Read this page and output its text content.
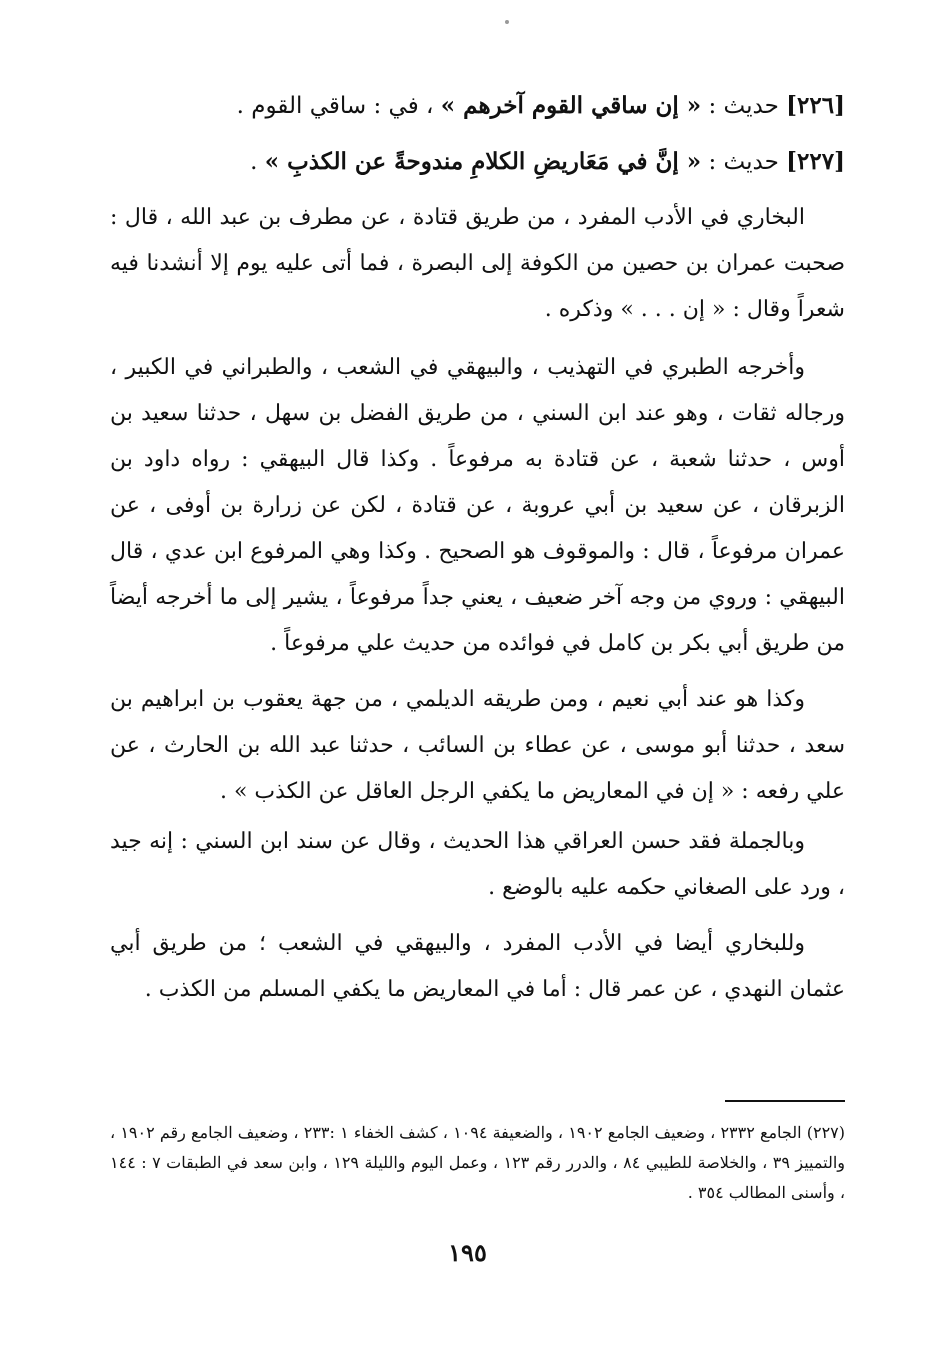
[٢٢٦] حديث : « إن ساقي القوم آخرهم » ، في : ساقي القوم .
[٢٢٧] حديث : « إنَّ في مَعَاريضِ الكلامِ مندوحةً عن الكذبِ » .

البخاري في الأدب المفرد ، من طريق قتادة ، عن مطرف بن عبد الله ، قال : صحبت عمران بن حصين من الكوفة إلى البصرة ، فما أتى عليه يوم إلا أنشدنا فيه شعراً وقال : « إن . . . » وذكره .

وأخرجه الطبري في التهذيب ، والبيهقي في الشعب ، والطبراني في الكبير ، ورجاله ثقات ، وهو عند ابن السني ، من طريق الفضل بن سهل ، حدثنا سعيد بن أوس ، حدثنا شعبة ، عن قتادة به مرفوعاً . وكذا قال البيهقي : رواه داود بن الزبرقان ، عن سعيد بن أبي عروبة ، عن قتادة ، لكن عن زرارة بن أوفى ، عن عمران مرفوعاً ، قال : والموقوف هو الصحيح . وكذا وهي المرفوع ابن عدي ، قال البيهقي : وروي من وجه آخر ضعيف ، يعني جداً مرفوعاً ، يشير إلى ما أخرجه أيضاً من طريق أبي بكر بن كامل في فوائده من حديث علي مرفوعاً .

وكذا هو عند أبي نعيم ، ومن طريقه الديلمي ، من جهة يعقوب بن ابراهيم بن سعد ، حدثنا أبو موسى ، عن عطاء بن السائب ، حدثنا عبد الله بن الحارث ، عن علي رفعه : « إن في المعاريض ما يكفي الرجل العاقل عن الكذب » .

وبالجملة فقد حسن العراقي هذا الحديث ، وقال عن سند ابن السني : إنه جيد ، ورد على الصغاني حكمه عليه بالوضع .

وللبخاري أيضا في الأدب المفرد ، والبيهقي في الشعب ؛ من طريق أبي عثمان النهدي ، عن عمر قال : أما في المعاريض ما يكفي المسلم من الكذب .

(٢٢٧) الجامع ٢٣٣٢ ، وضعيف الجامع ١٩٠٢ ، والضعيفة ١٠٩٤ ، كشف الخفاء ١ :٢٣٣ ، وضعيف الجامع رقم ١٩٠٢ ، والتمييز ٣٩ ، والخلاصة للطيبي ٨٤ ، والدرر رقم ١٢٣ ، وعمل اليوم والليلة ١٢٩ ، وابن سعد في الطبقات ٧ : ١٤٤ ، وأسنى المطالب ٣٥٤ .
١٩٥
